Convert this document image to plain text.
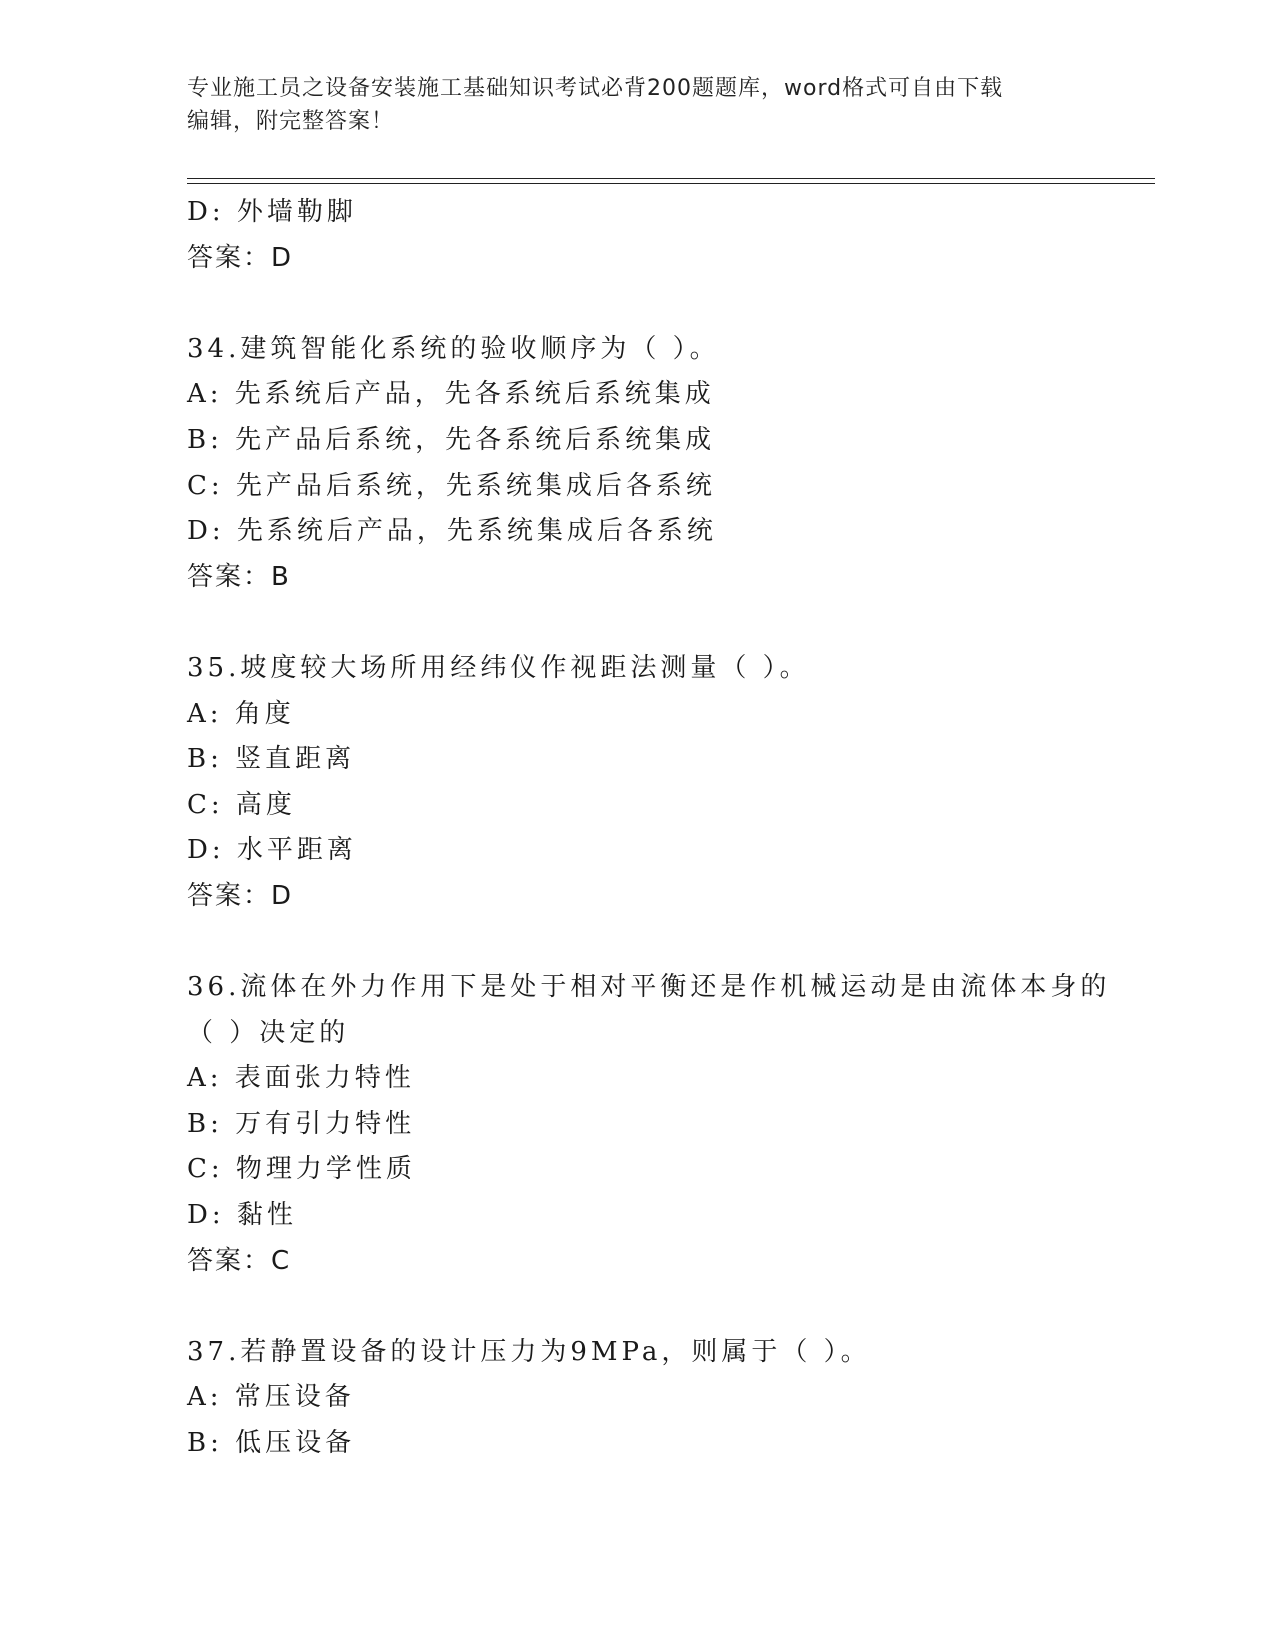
专业施工员之设备安装施工基础知识考试必背200题题库，word格式可自由下载
编辑，附完整答案！
D: 外墙勒脚
答案：D
34.建筑智能化系统的验收顺序为（ ）。
A: 先系统后产品，先各系统后系统集成
B: 先产品后系统，先各系统后系统集成
C: 先产品后系统，先系统集成后各系统
D: 先系统后产品，先系统集成后各系统
答案：B
35.坡度较大场所用经纬仪作视距法测量（ ）。
A: 角度
B: 竖直距离
C: 高度
D: 水平距离
答案：D
36.流体在外力作用下是处于相对平衡还是作机械运动是由流体本身的
（ ）决定的
A: 表面张力特性
B: 万有引力特性
C: 物理力学性质
D: 黏性
答案：C
37.若静置设备的设计压力为9MPa，则属于（ ）。
A: 常压设备
B: 低压设备
